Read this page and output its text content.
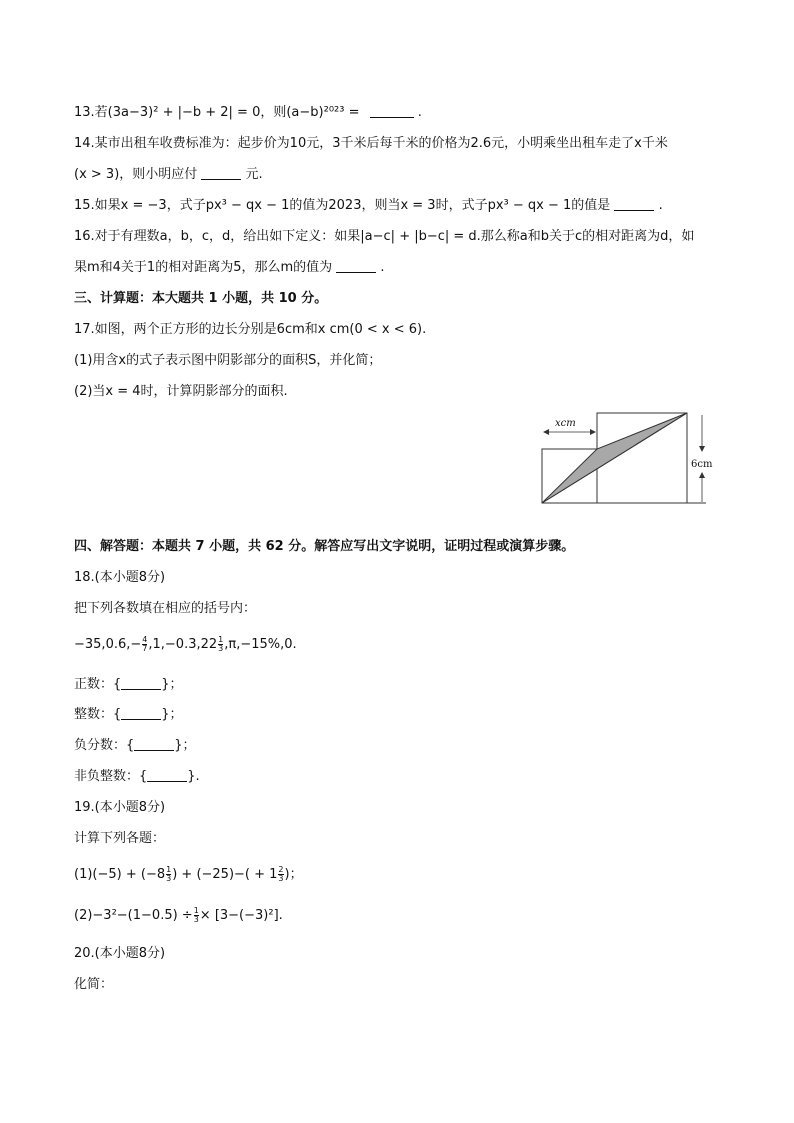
13.若(3a−3)² + |−b + 2| = 0，则(a−b)²⁰²³ =	.
14.某市出租车收费标准为：起步价为10元，3千米后每千米的价格为2.6元，小明乘坐出租车走了x千米
(x > 3)，则小明应付	元.
15.如果x = −3，式子px³ − qx − 1的值为2023，则当x = 3时，式子px³ − qx − 1的值是	.
16.对于有理数a，b，c，d，给出如下定义：如果|a−c| + |b−c| = d.那么称a和b关于c的相对距离为d，如
果m和4关于1的相对距离为5，那么m的值为	.
三、计算题：本大题共 1 小题，共 10 分。
17.如图，两个正方形的边长分别是6cm和x cm(0 < x < 6).
(1)用含x的式子表示图中阴影部分的面积S，并化简；
(2)当x = 4时，计算阴影部分的面积.
xcm
6cm
四、解答题：本题共 7 小题，共 62 分。解答应写出文字说明，证明过程或演算步骤。
18.(本小题8分)
把下列各数填在相应的括号内：
$-35,0.6,- \frac{4}{7} ,1,-0.3,22 \frac{1}{3} ,\pi,-15\%,0$.
正数：{	}；
整数：{	}；
负分数：{	}；
非负整数：{	}.
19.(本小题8分)
计算下列各题：
$(1)(-5) + (-8 \frac{1}{3}$ ) + $(-25)-( + 1 \frac{2}{3}$ )；
$(2)-3^2-(1-0.5) \div \frac{1}{3} \times [3-(-3)^2]$.
20.(本小题8分)
化简：
